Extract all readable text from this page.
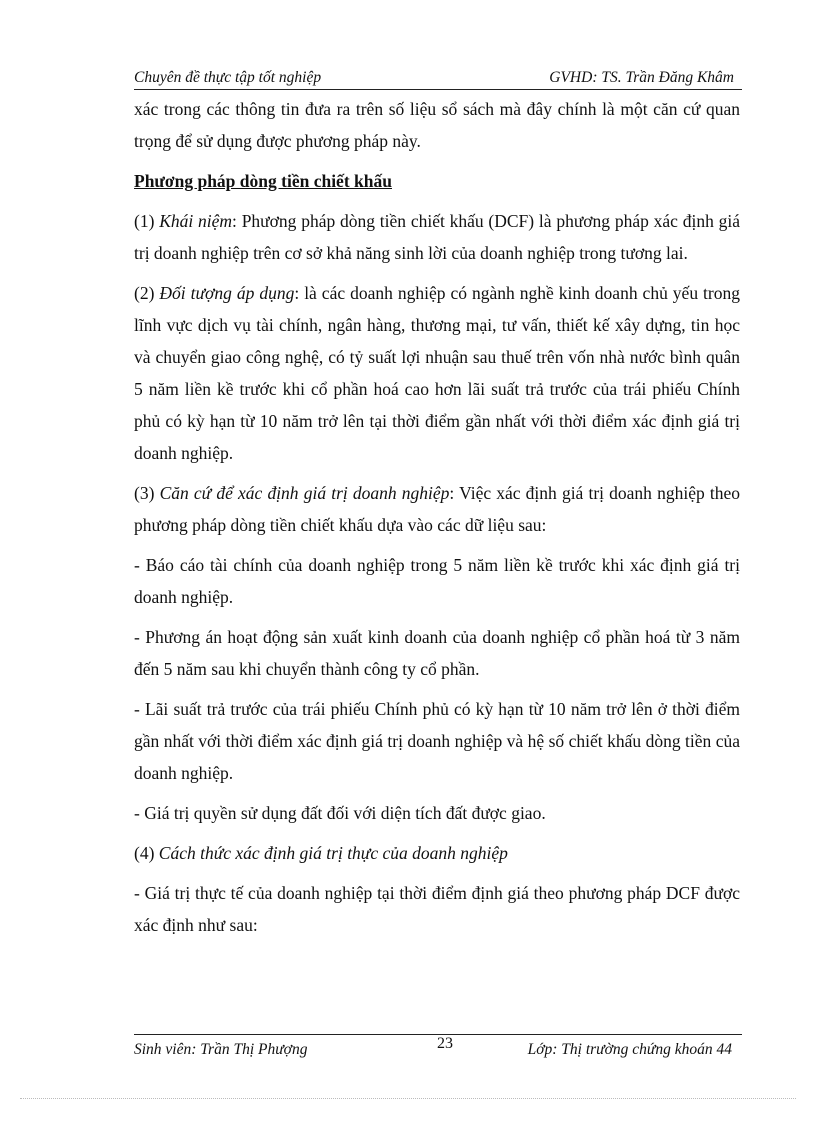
Chuyên đề thực tập tốt nghiệp	GVHD: TS. Trần Đăng Khâm

xác trong các thông tin đưa ra trên số liệu sổ sách mà đây chính là một căn cứ quan trọng để sử dụng được phương pháp này.

Phương pháp dòng tiền chiết khấu

(1) Khái niệm: Phương pháp dòng tiền chiết khấu (DCF) là phương pháp xác định giá trị doanh nghiệp trên cơ sở khả năng sinh lời của doanh nghiệp trong tương lai.

(2) Đối tượng áp dụng: là các doanh nghiệp có ngành nghề kinh doanh chủ yếu trong lĩnh vực dịch vụ tài chính, ngân hàng, thương mại, tư vấn, thiết kế xây dựng, tin học và chuyển giao công nghệ, có tỷ suất lợi nhuận sau thuế trên vốn nhà nước bình quân 5 năm liền kề trước khi cổ phần hoá cao hơn lãi suất trả trước của trái phiếu Chính phủ có kỳ hạn từ 10 năm trở lên tại thời điểm gần nhất với thời điểm xác định giá trị doanh nghiệp.

(3) Căn cứ để xác định giá trị doanh nghiệp: Việc xác định giá trị doanh nghiệp theo phương pháp dòng tiền chiết khấu dựa vào các dữ liệu sau:

- Báo cáo tài chính của doanh nghiệp trong 5 năm liền kề trước khi xác định giá trị doanh nghiệp.

- Phương án hoạt động sản xuất kinh doanh của doanh nghiệp cổ phần hoá từ 3 năm đến 5 năm sau khi chuyển thành công ty cổ phần.

- Lãi suất trả trước của trái phiếu Chính phủ có kỳ hạn từ 10 năm trở lên ở thời điểm gần nhất với thời điểm xác định giá trị doanh nghiệp và hệ số chiết khấu dòng tiền của doanh nghiệp.

- Giá trị quyền sử dụng đất đối với diện tích đất được giao.

(4) Cách thức xác định giá trị thực của doanh nghiệp

- Giá trị thực tế của doanh nghiệp tại thời điểm định giá theo phương pháp DCF được xác định như sau:

Sinh viên: Trần Thị Phượng	23	Lớp: Thị trường chứng khoán 44
